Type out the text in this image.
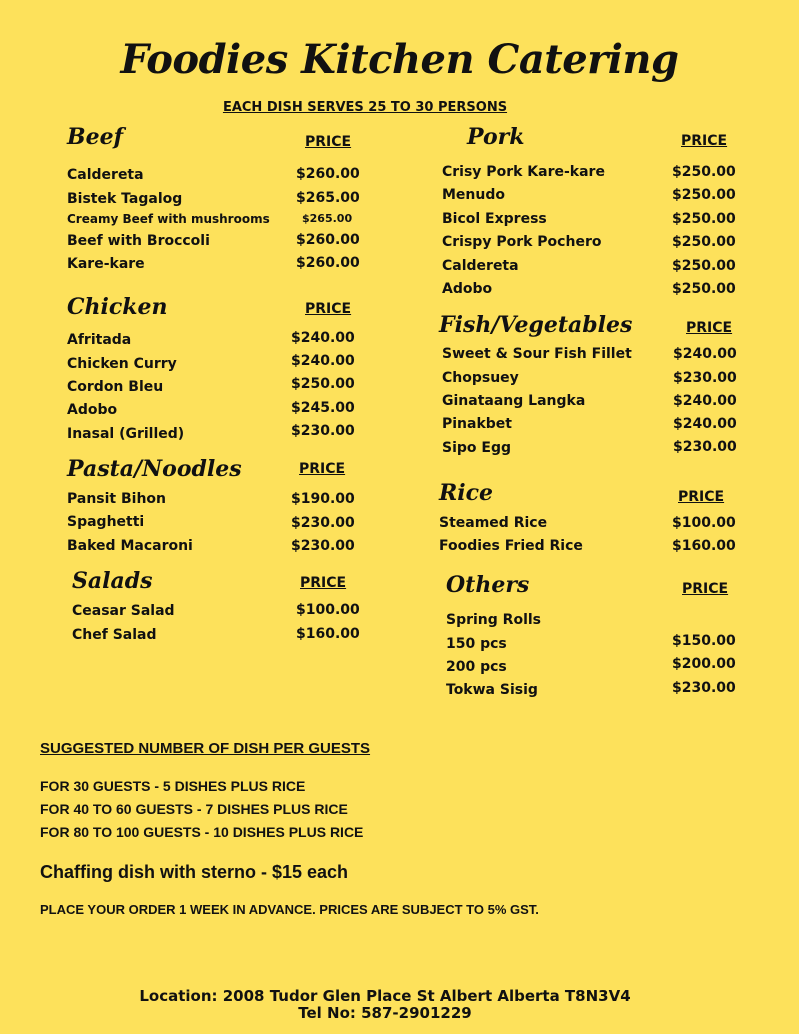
Foodies Kitchen Catering
EACH DISH SERVES 25 TO 30 PERSONS
Beef	PRICE
Caldereta	$260.00
Bistek Tagalog	$265.00
Creamy Beef with mushrooms	$265.00
Beef with Broccoli	$260.00
Kare-kare	$260.00
Chicken	PRICE
Afritada	$240.00
Chicken Curry	$240.00
Cordon Bleu	$250.00
Adobo	$245.00
Inasal (Grilled)	$230.00
Pasta/Noodles	PRICE
Pansit Bihon	$190.00
Spaghetti	$230.00
Baked Macaroni	$230.00
Salads	PRICE
Ceasar Salad	$100.00
Chef Salad	$160.00
Pork	PRICE
Crisy Pork Kare-kare	$250.00
Menudo	$250.00
Bicol Express	$250.00
Crispy Pork Pochero	$250.00
Caldereta	$250.00
Adobo	$250.00
Fish/Vegetables	PRICE
Sweet & Sour Fish Fillet	$240.00
Chopsuey	$230.00
Ginataang Langka	$240.00
Pinakbet	$240.00
Sipo Egg	$230.00
Rice	PRICE
Steamed Rice	$100.00
Foodies Fried Rice	$160.00
Others	PRICE
Spring Rolls
150 pcs	$150.00
200 pcs	$200.00
Tokwa Sisig	$230.00
SUGGESTED NUMBER OF DISH PER GUESTS
FOR 30 GUESTS - 5 DISHES PLUS RICE
FOR 40 TO 60 GUESTS - 7 DISHES PLUS RICE
FOR 80 TO 100 GUESTS - 10 DISHES PLUS RICE
Chaffing dish with sterno - $15 each
PLACE YOUR ORDER 1 WEEK IN ADVANCE. PRICES ARE SUBJECT TO 5% GST.
Location: 2008 Tudor Glen Place St Albert Alberta T8N3V4
Tel No: 587-2901229
